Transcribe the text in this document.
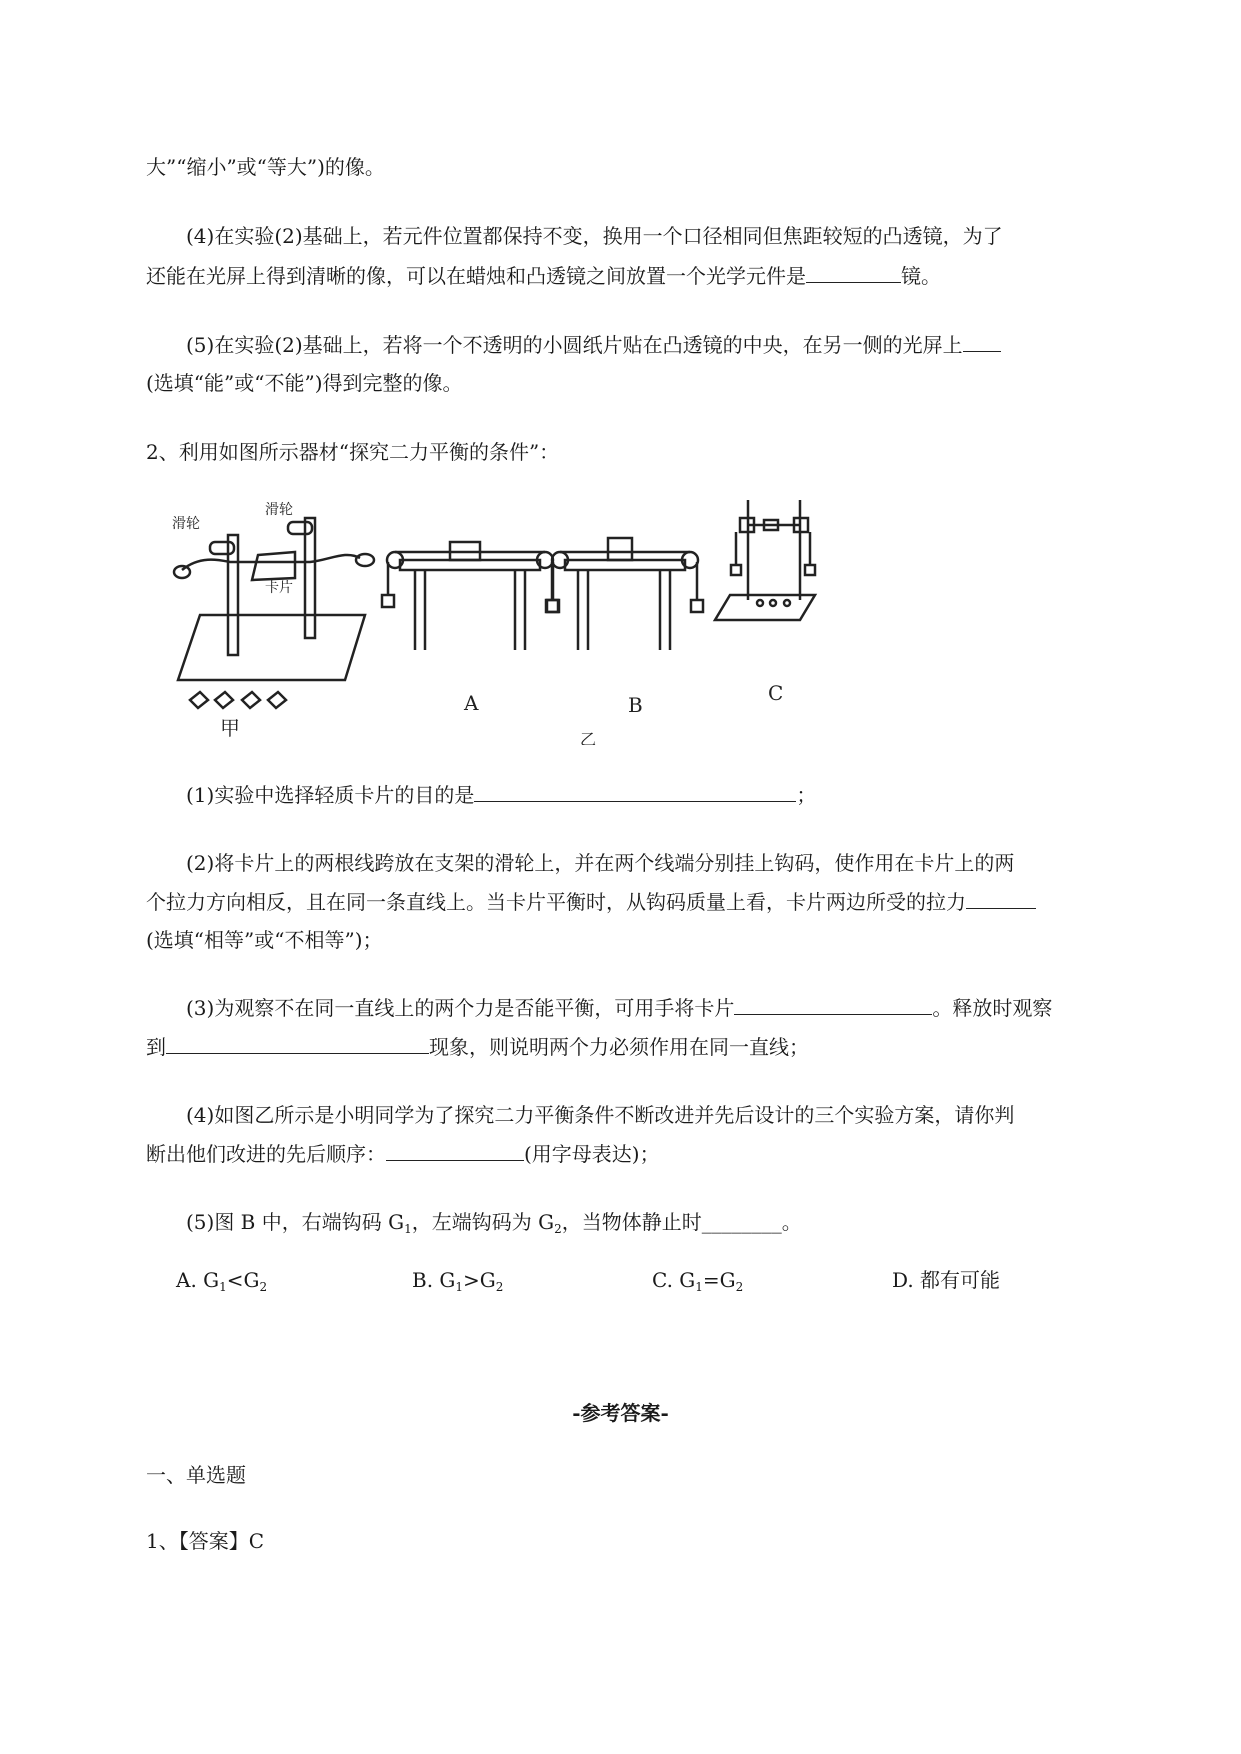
大”“缩小”或“等大”)的像。
(4)在实验(2)基础上，若元件位置都保持不变，换用一个口径相同但焦距较短的凸透镜，为了
还能在光屏上得到清晰的像，可以在蜡烛和凸透镜之间放置一个光学元件是	镜。
(5)在实验(2)基础上，若将一个不透明的小圆纸片贴在凸透镜的中央，在另一侧的光屏上
(选填“能”或“不能”)得到完整的像。
2、利用如图所示器材“探究二力平衡的条件”：
滑轮
滑轮
卡片
甲	乙
A	B	C
(1)实验中选择轻质卡片的目的是	；
(2)将卡片上的两根线跨放在支架的滑轮上，并在两个线端分别挂上钩码，使作用在卡片上的两
个拉力方向相反，且在同一条直线上。当卡片平衡时，从钩码质量上看，卡片两边所受的拉力
(选填“相等”或“不相等”)；
(3)为观察不在同一直线上的两个力是否能平衡，可用手将卡片	。释放时观察
到	现象，则说明两个力必须作用在同一直线；
(4)如图乙所示是小明同学为了探究二力平衡条件不断改进并先后设计的三个实验方案，请你判
断出他们改进的先后顺序：	(用字母表达)；
(5)图 B 中，右端钩码 $G_1$，左端钩码为 $G_2$，当物体静止时________。
A. $G_1<G_2$	B. $G_1>G_2$	C. $G_1=G_2$	D. 都有可能
-参考答案-
一、单选题
1、【答案】C
